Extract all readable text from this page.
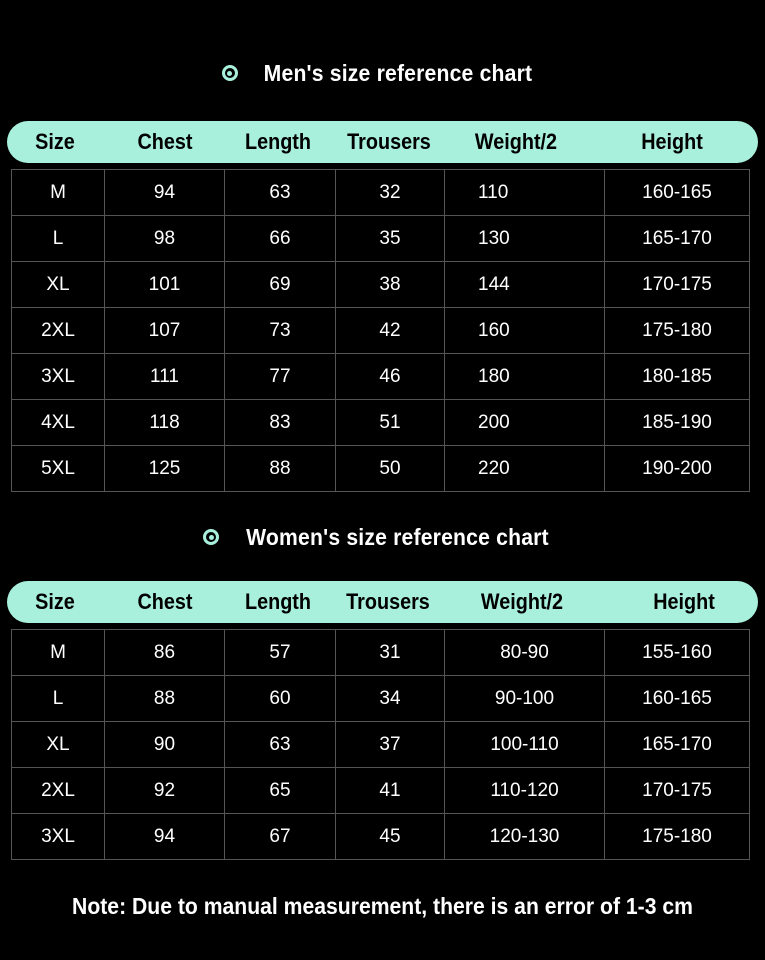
Men's size reference chart
Size	Chest	Length	Trousers	Weight/2	Height
M	94	63	32	110	160-165
L	98	66	35	130	165-170
XL	101	69	38	144	170-175
2XL	107	73	42	160	175-180
3XL	111	77	46	180	180-185
4XL	118	83	51	200	185-190
5XL	125	88	50	220	190-200
Women's size reference chart
Size	Chest	Length	Trousers	Weight/2	Height
M	86	57	31	80-90	155-160
L	88	60	34	90-100	160-165
XL	90	63	37	100-110	165-170
2XL	92	65	41	110-120	170-175
3XL	94	67	45	120-130	175-180
Note: Due to manual measurement, there is an error of 1-3 cm
